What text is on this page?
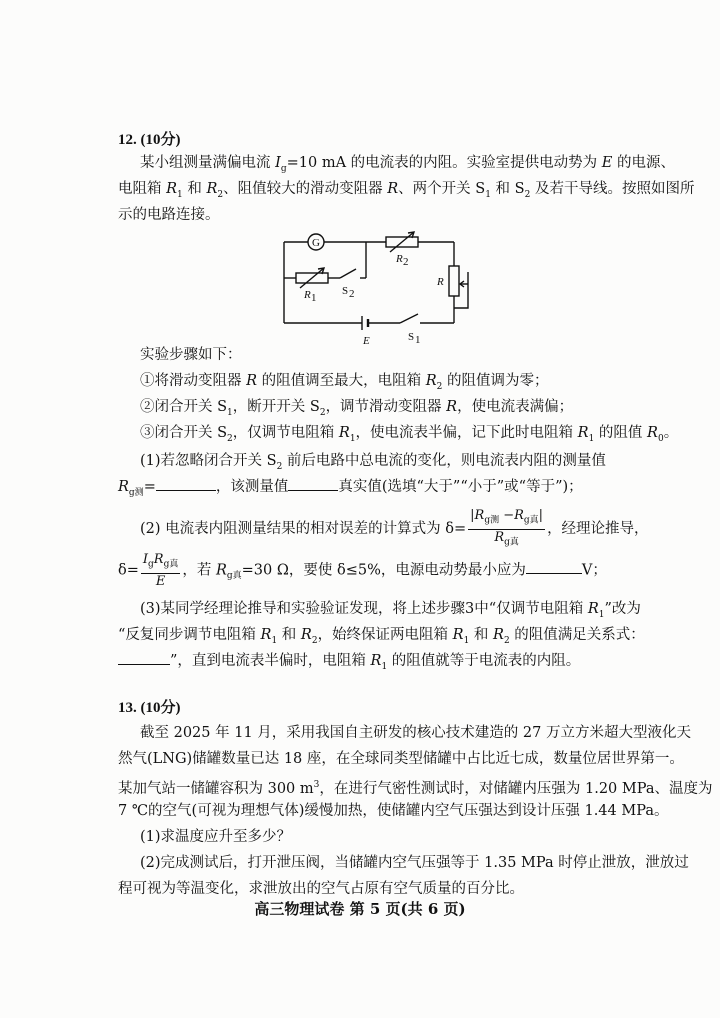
12. (10分)
某小组测量满偏电流 $I_g=10$ mA 的电流表的内阻。实验室提供电动势为 E 的电源、
电阻箱 $R_1$ 和 $R_2$、阻值较大的滑动变阻器 R、两个开关 $S_1$ 和 $S_2$ 及若干导线。按照如图所
示的电路连接。
G
R 2
R
R 1
S 2
E	S 1
实验步骤如下：
①将滑动变阻器 R 的阻值调至最大，电阻箱 $R_2$ 的阻值调为零；
②闭合开关 $S_1$，断开开关 $S_2$，调节滑动变阻器 R，使电流表满偏；
③闭合开关 $S_2$，仅调节电阻箱 $R_1$，使电流表半偏，记下此时电阻箱 $R_1$ 的阻值 $R_0$。
(1)若忽略闭合开关 $S_2$ 前后电路中总电流的变化，则电流表内阻的测量值
$R_{g测}=$	，该测量值	真实值(选填“大于”“小于”或“等于”)；
(2) 电流表内阻测量结果的相对误差的计算式为 $\delta= \frac{|R_{g测} -R_{g真}|}{R_{g真}}$ ，经理论推导，
$\delta= \frac{I_gR_{g真}}{E}$ ，若 $R_{g真}=30$ Ω，要使 δ≤5%，电源电动势最小应为	V；
(3)某同学经理论推导和实验验证发现，将上述步骤3中“仅调节电阻箱 $R_1$”改为
“反复同步调节电阻箱 $R_1$ 和 $R_2$，始终保证两电阻箱 $R_1$ 和 $R_2$ 的阻值满足关系式：
”，直到电流表半偏时，电阻箱 $R_1$ 的阻值就等于电流表的内阻。
13. (10分)
截至 2025 年 11 月，采用我国自主研发的核心技术建造的 27 万立方米超大型液化天
然气(LNG)储罐数量已达 18 座，在全球同类型储罐中占比近七成，数量位居世界第一。
某加气站一储罐容积为 300 $m^3$，在进行气密性测试时，对储罐内压强为 1.20 MPa、温度为
7 ℃的空气(可视为理想气体)缓慢加热，使储罐内空气压强达到设计压强 1.44 MPa。
(1)求温度应升至多少？
(2)完成测试后，打开泄压阀，当储罐内空气压强等于 1.35 MPa 时停止泄放，泄放过
程可视为等温变化，求泄放出的空气占原有空气质量的百分比。
高三物理试卷 第 5 页(共 6 页)
